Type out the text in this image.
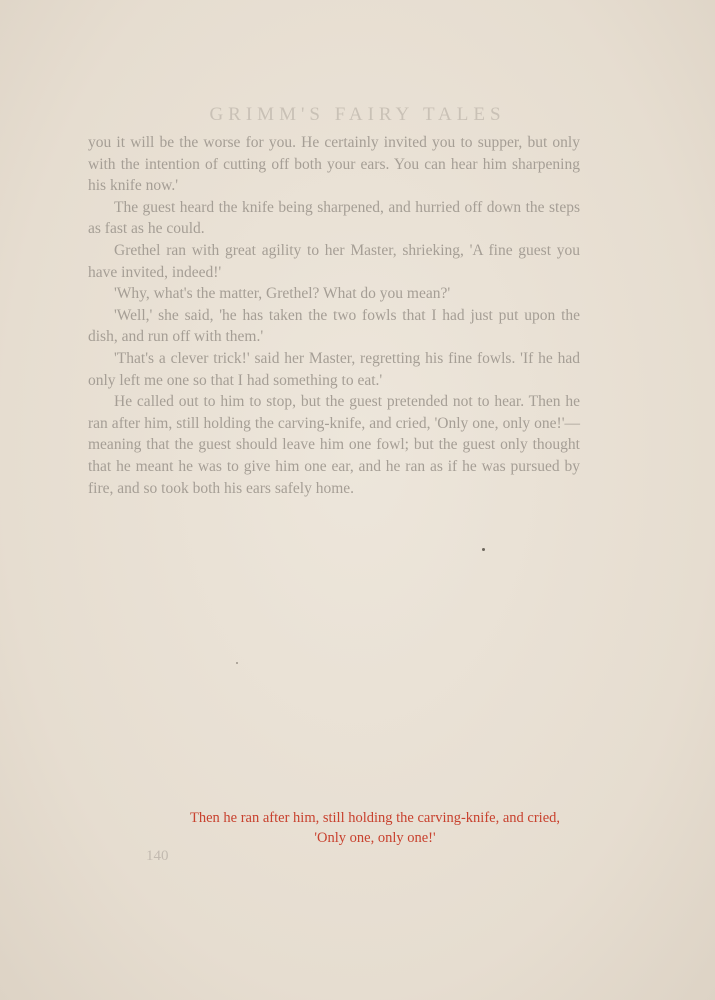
GRIMM'S FAIRY TALES

you it will be the worse for you. He certainly invited you to supper, but only with the intention of cutting off both your ears. You can hear him sharpening his knife now.'

The guest heard the knife being sharpened, and hurried off down the steps as fast as he could.

Grethel ran with great agility to her Master, shrieking, 'A fine guest you have invited, indeed!'

'Why, what's the matter, Grethel? What do you mean?'

'Well,' she said, 'he has taken the two fowls that I had just put upon the dish, and run off with them.'

'That's a clever trick!' said her Master, regretting his fine fowls. 'If he had only left me one so that I had something to eat.'

He called out to him to stop, but the guest pretended not to hear. Then he ran after him, still holding the carving-knife, and cried, 'Only one, only one!'—meaning that the guest should leave him one fowl; but the guest only thought that he meant he was to give him one ear, and he ran as if he was pursued by fire, and so took both his ears safely home.

Then he ran after him, still holding the carving-knife, and cried,
'Only one, only one!'
140
